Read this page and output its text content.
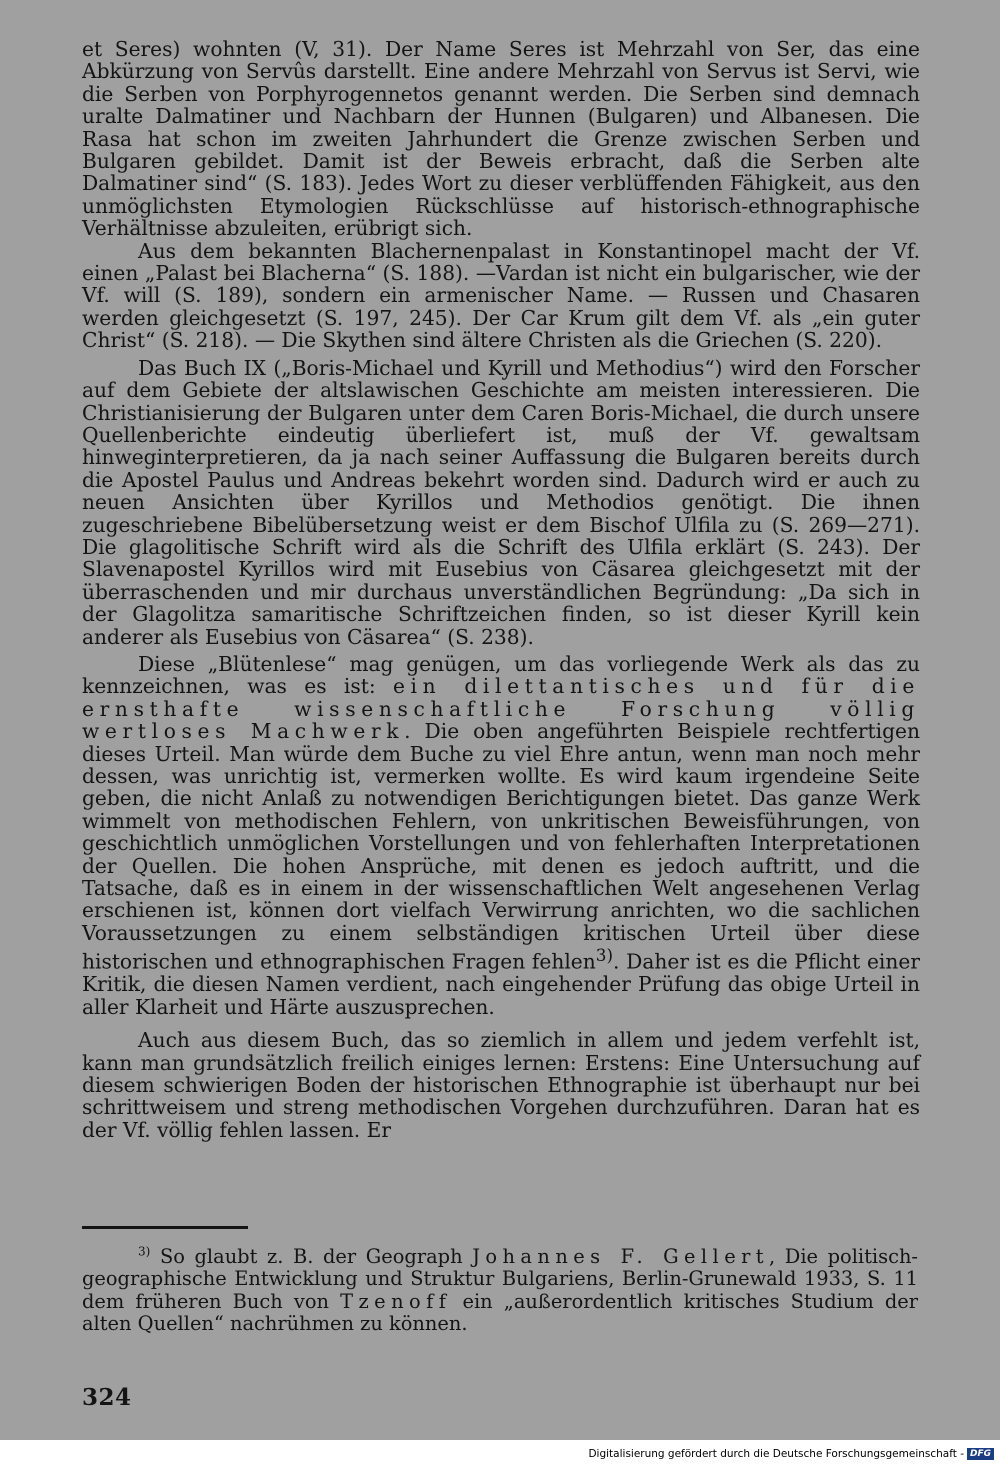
et Seres) wohnten (V, 31). Der Name Seres ist Mehrzahl von Ser, das eine Abkürzung von Servûs darstellt. Eine andere Mehrzahl von Servus ist Servi, wie die Serben von Porphyrogennetos genannt werden. Die Serben sind demnach uralte Dalmatiner und Nachbarn der Hunnen (Bulgaren) und Albanesen. Die Rasa hat schon im zweiten Jahrhundert die Grenze zwischen Serben und Bulgaren gebildet. Damit ist der Beweis erbracht, daß die Serben alte Dalmatiner sind“ (S. 183). Jedes Wort zu dieser verblüffenden Fähigkeit, aus den unmöglichsten Etymologien Rückschlüsse auf historisch-ethnographische Verhältnisse abzuleiten, erübrigt sich.

Aus dem bekannten Blachernenpalast in Konstantinopel macht der Vf. einen „Palast bei Blacherna“ (S. 188). —Vardan ist nicht ein bulgarischer, wie der Vf. will (S. 189), sondern ein armenischer Name. — Russen und Chasaren werden gleichgesetzt (S. 197, 245). Der Car Krum gilt dem Vf. als „ein guter Christ“ (S. 218). — Die Skythen sind ältere Christen als die Griechen (S. 220).

Das Buch IX („Boris-Michael und Kyrill und Methodius“) wird den Forscher auf dem Gebiete der altslawischen Geschichte am meisten interessieren. Die Christianisierung der Bulgaren unter dem Caren Boris-Michael, die durch unsere Quellenberichte eindeutig überliefert ist, muß der Vf. gewaltsam hinweginterpretieren, da ja nach seiner Auffassung die Bulgaren bereits durch die Apostel Paulus und Andreas bekehrt worden sind. Dadurch wird er auch zu neuen Ansichten über Kyrillos und Methodios genötigt. Die ihnen zugeschriebene Bibelübersetzung weist er dem Bischof Ulfila zu (S. 269—271). Die glagolitische Schrift wird als die Schrift des Ulfila erklärt (S. 243). Der Slavenapostel Kyrillos wird mit Eusebius von Cäsarea gleichgesetzt mit der überraschenden und mir durchaus unverständlichen Begründung: „Da sich in der Glagolitza samaritische Schriftzeichen finden, so ist dieser Kyrill kein anderer als Eusebius von Cäsarea“ (S. 238).

Diese „Blütenlese“ mag genügen, um das vorliegende Werk als das zu kennzeichnen, was es ist: ein dilettantisches und für die ernsthafte wissenschaftliche Forschung völlig wertloses Machwerk. Die oben angeführten Beispiele rechtfertigen dieses Urteil. Man würde dem Buche zu viel Ehre antun, wenn man noch mehr dessen, was unrichtig ist, vermerken wollte. Es wird kaum irgendeine Seite geben, die nicht Anlaß zu notwendigen Berichtigungen bietet. Das ganze Werk wimmelt von methodischen Fehlern, von unkritischen Beweisführungen, von geschichtlich unmöglichen Vorstellungen und von fehlerhaften Interpretationen der Quellen. Die hohen Ansprüche, mit denen es jedoch auftritt, und die Tatsache, daß es in einem in der wissenschaftlichen Welt angesehenen Verlag erschienen ist, können dort vielfach Verwirrung anrichten, wo die sachlichen Voraussetzungen zu einem selbständigen kritischen Urteil über diese historischen und ethnographischen Fragen fehlen$^{3)}$. Daher ist es die Pflicht einer Kritik, die diesen Namen verdient, nach eingehender Prüfung das obige Urteil in aller Klarheit und Härte auszusprechen.

Auch aus diesem Buch, das so ziemlich in allem und jedem verfehlt ist, kann man grundsätzlich freilich einiges lernen: Erstens: Eine Untersuchung auf diesem schwierigen Boden der historischen Ethnographie ist überhaupt nur bei schrittweisem und streng methodischen Vorgehen durchzuführen. Daran hat es der Vf. völlig fehlen lassen. Er

$^{3)}$ So glaubt z. B. der Geograph Johannes F. Gellert, Die politisch-geographische Entwicklung und Struktur Bulgariens, Berlin-Grunewald 1933, S. 11 dem früheren Buch von Tzenoff ein „außerordentlich kritisches Studium der alten Quellen“ nachrühmen zu können.

324
Digitalisierung gefördert durch die Deutsche Forschungsgemeinschaft - DFG
